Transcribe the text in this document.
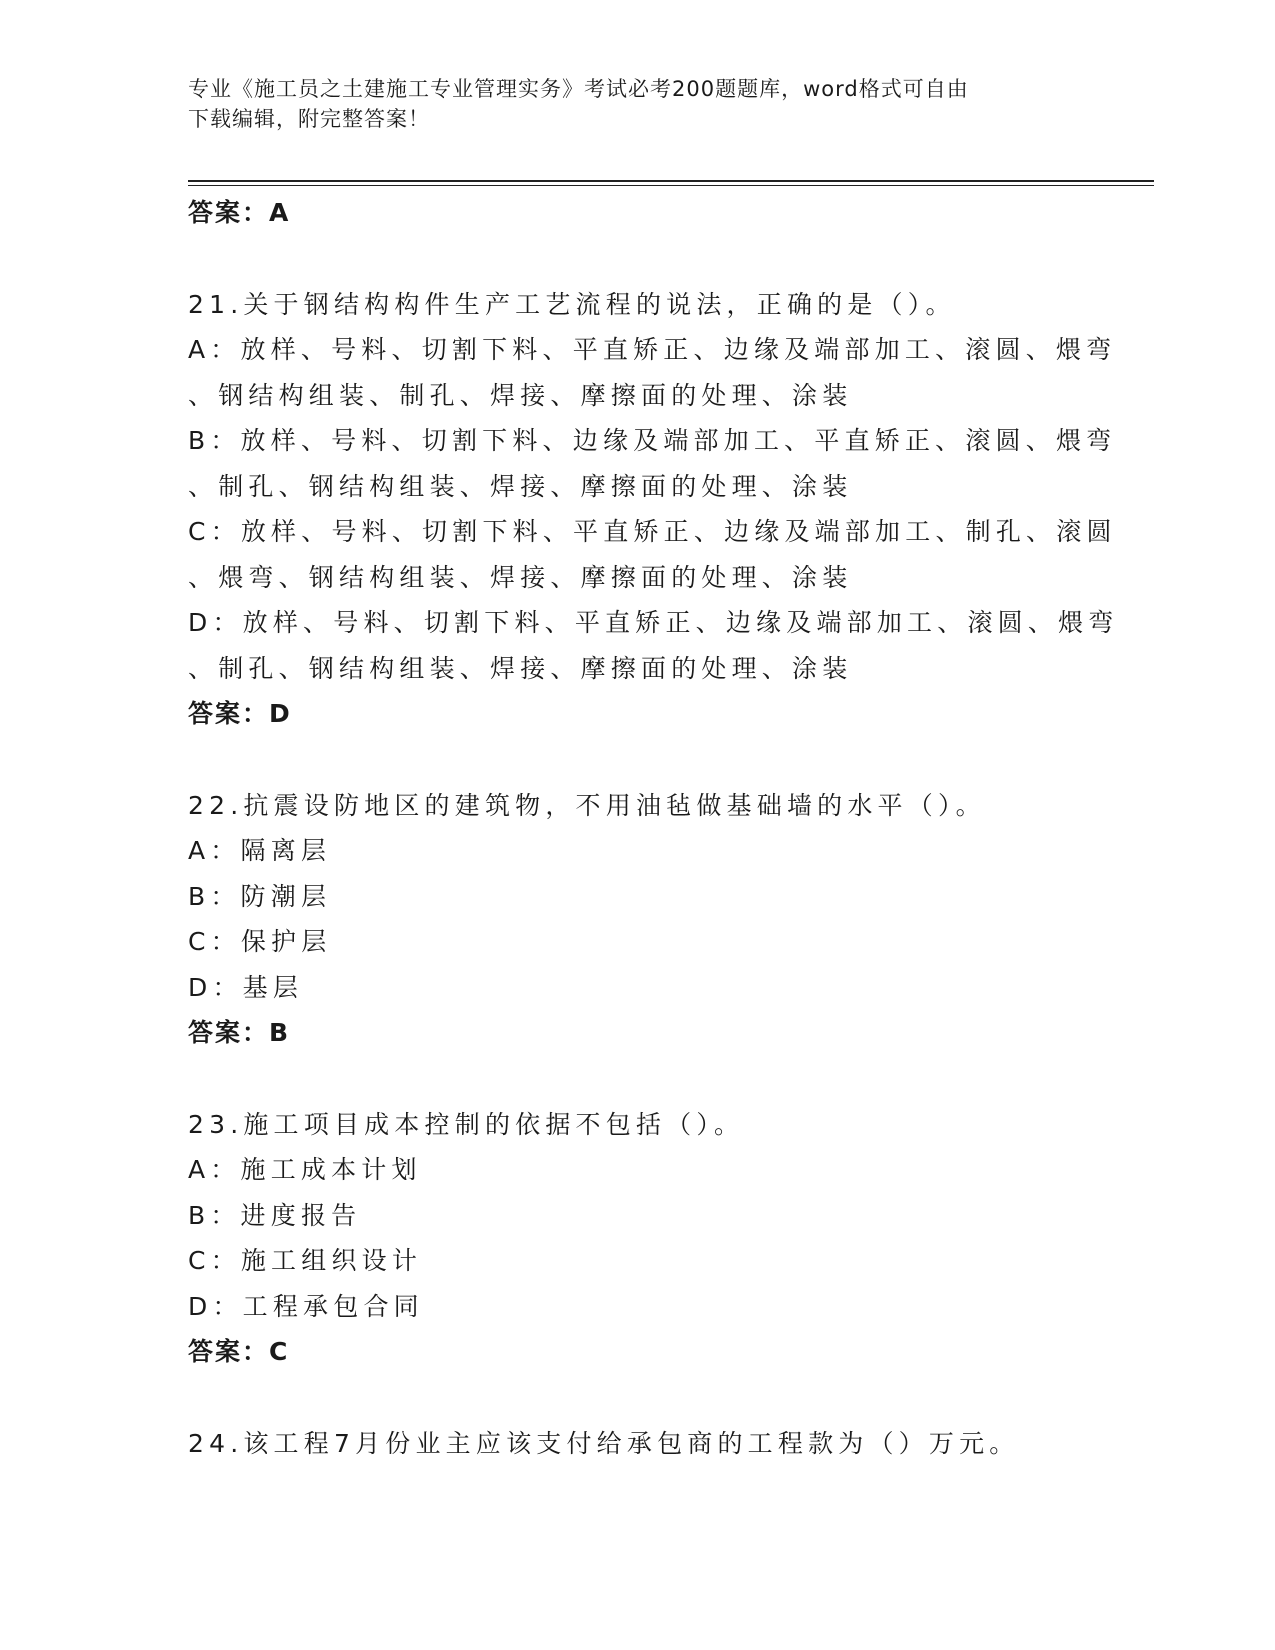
专业《施工员之土建施工专业管理实务》考试必考200题题库，word格式可自由
下载编辑，附完整答案！
答案：A
21.关于钢结构构件生产工艺流程的说法，正确的是（）。
A：放样、号料、切割下料、平直矫正、边缘及端部加工、滚圆、煨弯
、钢结构组装、制孔、焊接、摩擦面的处理、涂装
B：放样、号料、切割下料、边缘及端部加工、平直矫正、滚圆、煨弯
、制孔、钢结构组装、焊接、摩擦面的处理、涂装
C：放样、号料、切割下料、平直矫正、边缘及端部加工、制孔、滚圆
、煨弯、钢结构组装、焊接、摩擦面的处理、涂装
D：放样、号料、切割下料、平直矫正、边缘及端部加工、滚圆、煨弯
、制孔、钢结构组装、焊接、摩擦面的处理、涂装
答案：D
22.抗震设防地区的建筑物，不用油毡做基础墙的水平（）。
A：隔离层
B：防潮层
C：保护层
D：基层
答案：B
23.施工项目成本控制的依据不包括（）。
A：施工成本计划
B：进度报告
C：施工组织设计
D：工程承包合同
答案：C
24.该工程7月份业主应该支付给承包商的工程款为（）万元。
